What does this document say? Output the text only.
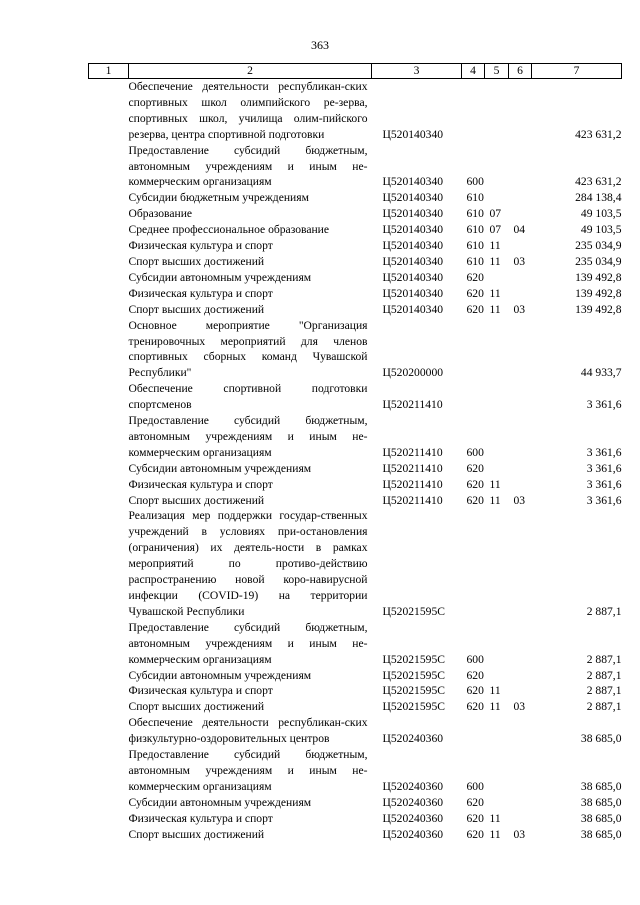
363
1	2	3	4	5	6	7
	Обеспечение деятельности республикан-ских спортивных школ олимпийского ре-зерва, спортивных школ, училища олим-пийского резерва, центра спортивной подготовки	Ц520140340				423 631,2
	Предоставление субсидий бюджетным, автономным учреждениям и иным не-коммерческим организациям	Ц520140340	600			423 631,2
	Субсидии бюджетным учреждениям	Ц520140340	610			284 138,4
	Образование	Ц520140340	610	07		49 103,5
	Среднее профессиональное образование	Ц520140340	610	07	04	49 103,5
	Физическая культура и спорт	Ц520140340	610	11		235 034,9
	Спорт высших достижений	Ц520140340	610	11	03	235 034,9
	Субсидии автономным учреждениям	Ц520140340	620			139 492,8
	Физическая культура и спорт	Ц520140340	620	11		139 492,8
	Спорт высших достижений	Ц520140340	620	11	03	139 492,8
	Основное мероприятие "Организация тренировочных мероприятий для членов спортивных сборных команд Чувашской Республики"	Ц520200000				44 933,7
	Обеспечение спортивной подготовки спортсменов	Ц520211410				3 361,6
	Предоставление субсидий бюджетным, автономным учреждениям и иным не-коммерческим организациям	Ц520211410	600			3 361,6
	Субсидии автономным учреждениям	Ц520211410	620			3 361,6
	Физическая культура и спорт	Ц520211410	620	11		3 361,6
	Спорт высших достижений	Ц520211410	620	11	03	3 361,6
	Реализация мер поддержки государ-ственных учреждений в условиях при-остановления (ограничения) их деятель-ности в рамках мероприятий по противо-действию распространению новой коро-навирусной инфекции (COVID-19) на территории Чувашской Республики	Ц52021595С				2 887,1
	Предоставление субсидий бюджетным, автономным учреждениям и иным не-коммерческим организациям	Ц52021595С	600			2 887,1
	Субсидии автономным учреждениям	Ц52021595С	620			2 887,1
	Физическая культура и спорт	Ц52021595С	620	11		2 887,1
	Спорт высших достижений	Ц52021595С	620	11	03	2 887,1
	Обеспечение деятельности республикан-ских физкультурно-оздоровительных центров	Ц520240360				38 685,0
	Предоставление субсидий бюджетным, автономным учреждениям и иным не-коммерческим организациям	Ц520240360	600			38 685,0
	Субсидии автономным учреждениям	Ц520240360	620			38 685,0
	Физическая культура и спорт	Ц520240360	620	11		38 685,0
	Спорт высших достижений	Ц520240360	620	11	03	38 685,0
